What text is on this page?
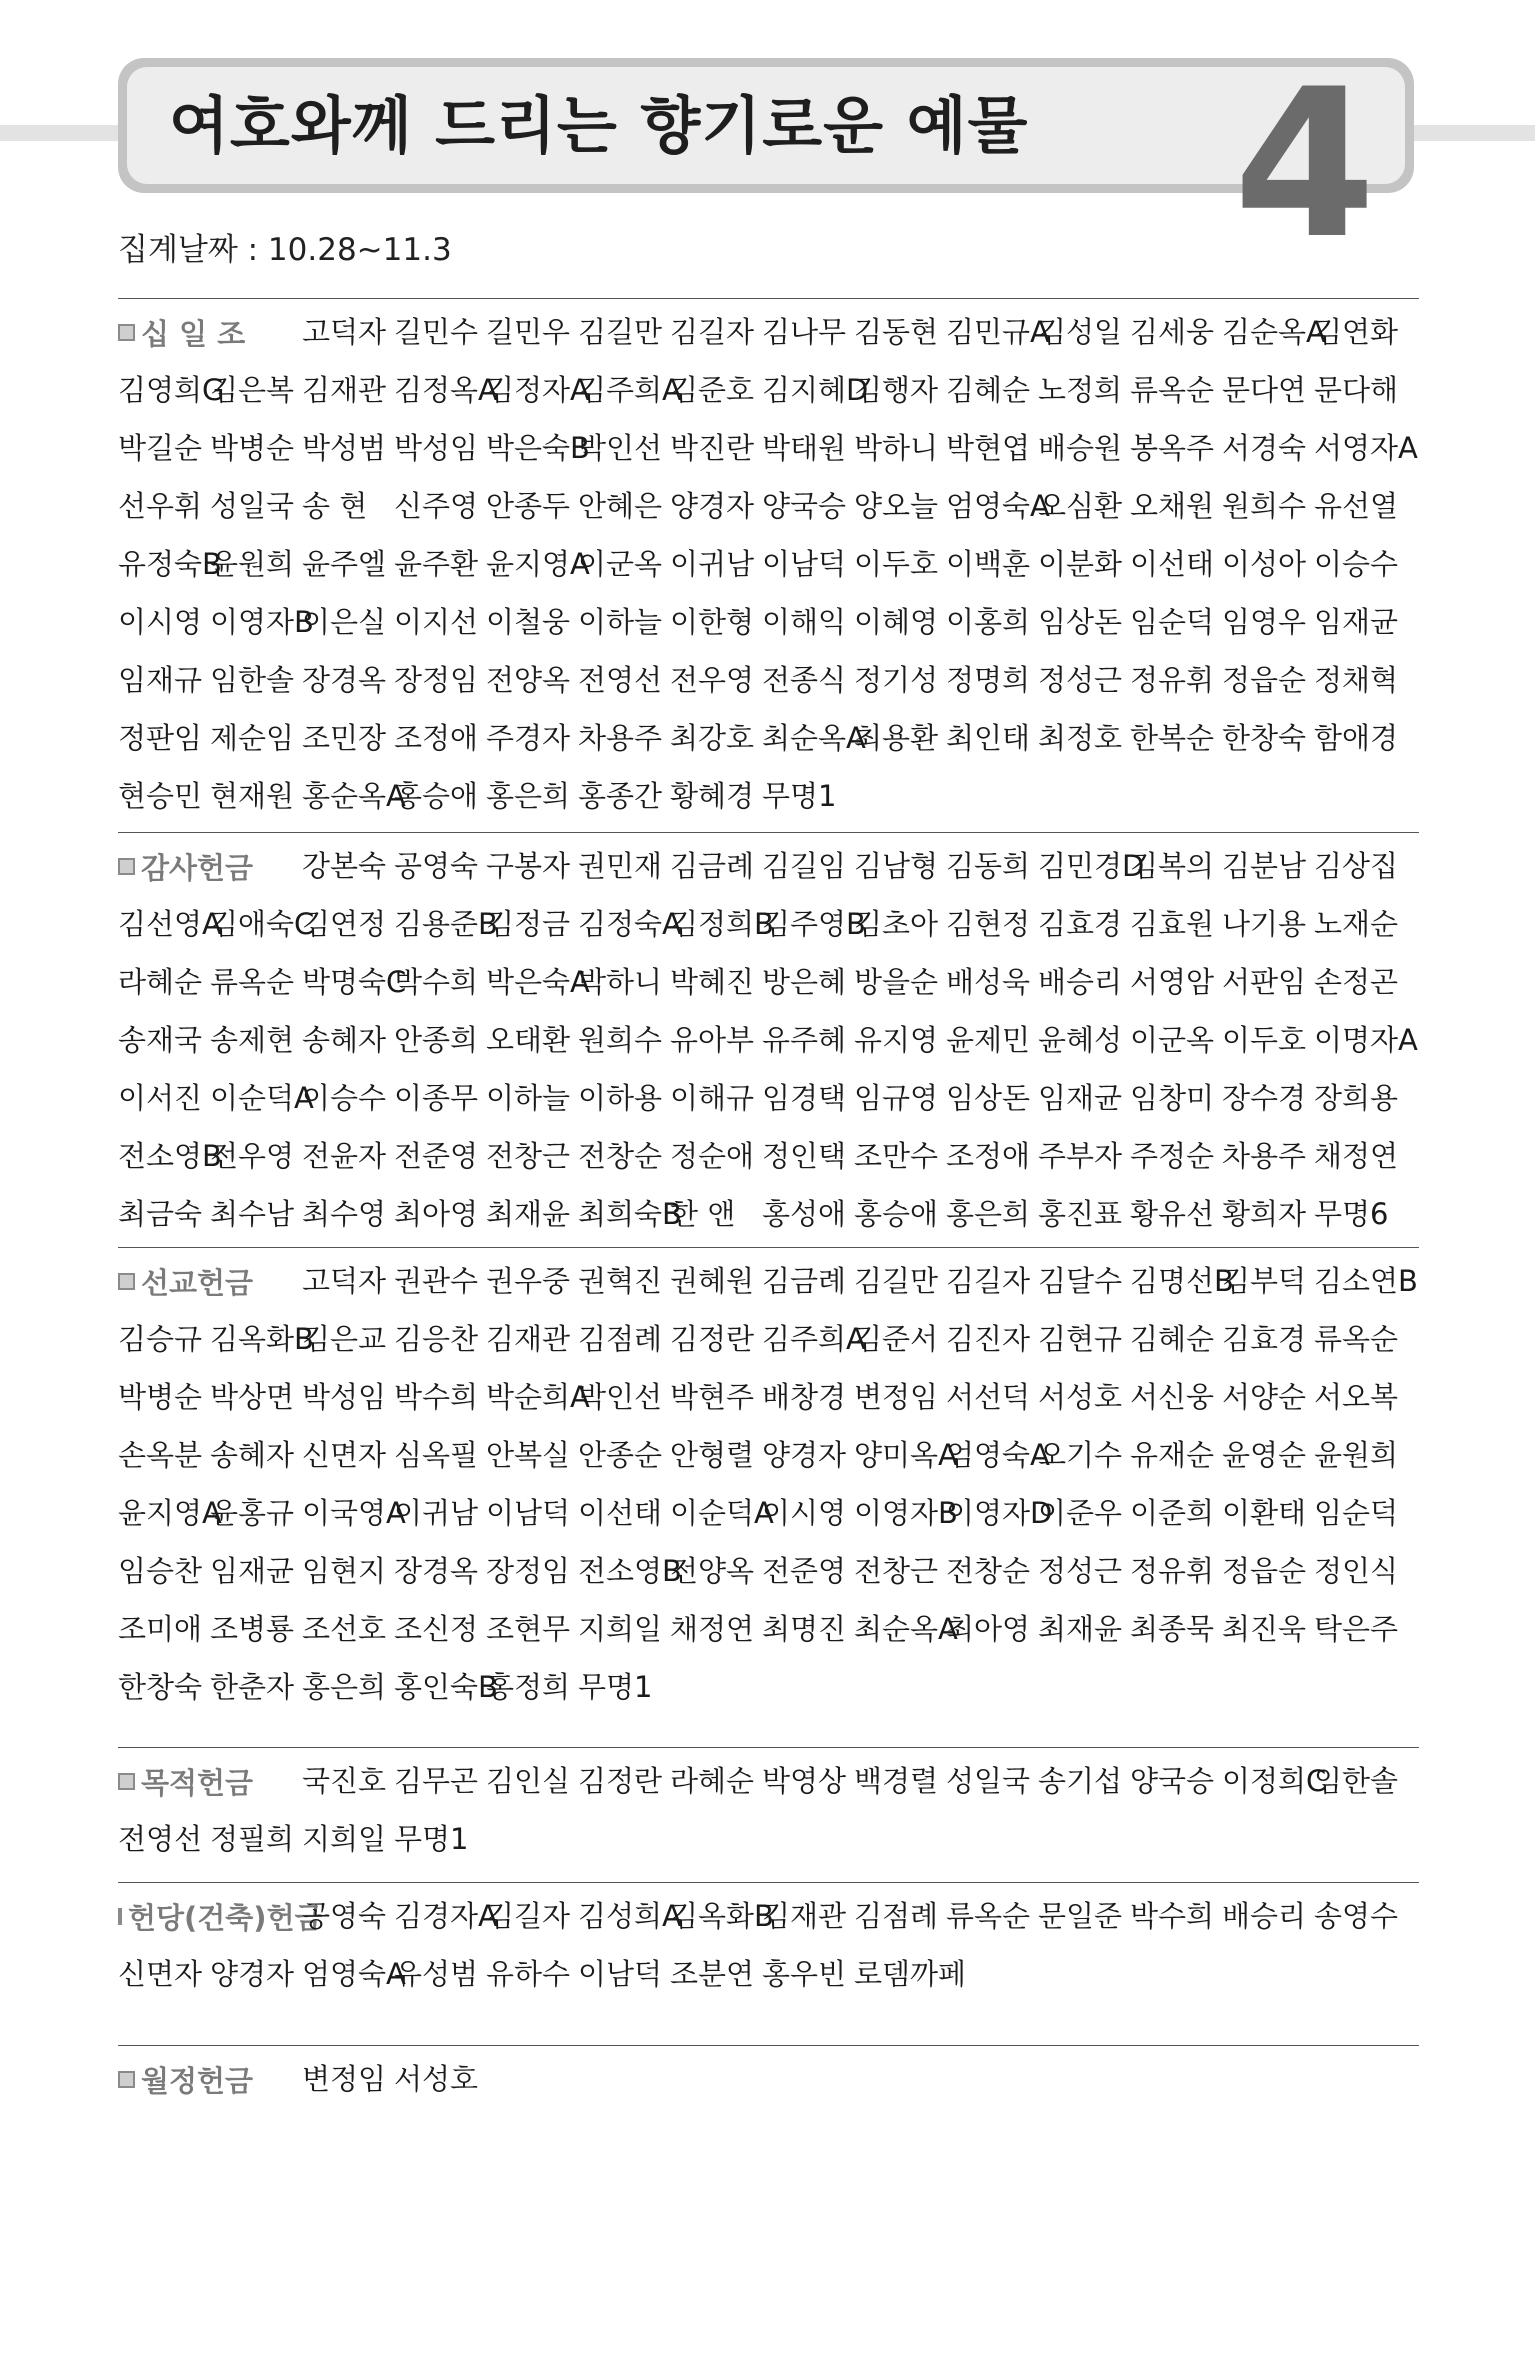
여호와께 드리는 향기로운 예물 4
집계날짜 : 10.28~11.3
십 일 조 고덕자 길민수 길민우 김길만 김길자 김나무 김동현 김민규A
김성일 김세웅 김순옥A
김연화
김영희G
김은복 김재관 김정옥A
김정자A
김주희A
김준호 김지혜D
김행자 김혜순 노정희 류옥순 문다연 문다해
박길순 박병순 박성범 박성임 박은숙B
박인선 박진란 박태원 박하니 박현엽 배승원 봉옥주 서경숙 서영자A
선우휘 성일국 송 현 신주영 안종두 안혜은 양경자 양국승 양오늘 엄영숙A
오심환 오채원 원희수 유선열
유정숙B
윤원희 윤주엘 윤주환 윤지영A
이군옥 이귀남 이남덕 이두호 이백훈 이분화 이선태 이성아 이승수
이시영 이영자B
이은실 이지선 이철웅 이하늘 이한형 이해익 이혜영 이홍희 임상돈 임순덕 임영우 임재균
임재규 임한솔 장경옥 장정임 전양옥 전영선 전우영 전종식 정기성 정명희 정성근 정유휘 정읍순 정채혁
정판임 제순임 조민장 조정애 주경자 차용주 최강호 최순옥A
최용환 최인태 최정호 한복순 한창숙 함애경
현승민 현재원 홍순옥A
홍승애 홍은희 홍종간 황혜경 무명1
감사헌금 강본숙 공영숙 구봉자 권민재 김금례 김길임 김남형 김동희 김민경D
김복의 김분남 김상집
김선영A
김애숙C
김연정 김용준B
김정금 김정숙A
김정희B
김주영B
김초아 김현정 김효경 김효원 나기용 노재순
라혜순 류옥순 박명숙C
박수희 박은숙A
박하니 박혜진 방은혜 방을순 배성욱 배승리 서영암 서판임 손정곤
송재국 송제현 송혜자 안종희 오태환 원희수 유아부 유주혜 유지영 윤제민 윤혜성 이군옥 이두호 이명자A
이서진 이순덕A
이승수 이종무 이하늘 이하용 이해규 임경택 임규영 임상돈 임재균 임창미 장수경 장희용
전소영B
전우영 전윤자 전준영 전창근 전창순 정순애 정인택 조만수 조정애 주부자 주정순 차용주 채정연
최금숙 최수남 최수영 최아영 최재윤 최희숙B
한 앤 홍성애 홍승애 홍은희 홍진표 황유선 황희자 무명6
선교헌금 고덕자 권관수 권우중 권혁진 권혜원 김금례 김길만 김길자 김달수 김명선B
김부덕 김소연B
김승규 김옥화B
김은교 김응찬 김재관 김점례 김정란 김주희A
김준서 김진자 김현규 김혜순 김효경 류옥순
박병순 박상면 박성임 박수희 박순희A
박인선 박현주 배창경 변정임 서선덕 서성호 서신웅 서양순 서오복
손옥분 송혜자 신면자 심옥필 안복실 안종순 안형렬 양경자 양미옥A
엄영숙A
오기수 유재순 윤영순 윤원희
윤지영A
윤홍규 이국영A
이귀남 이남덕 이선태 이순덕A
이시영 이영자B
이영자D
이준우 이준희 이환태 임순덕
임승찬 임재균 임현지 장경옥 장정임 전소영B
전양옥 전준영 전창근 전창순 정성근 정유휘 정읍순 정인식
조미애 조병룡 조선호 조신정 조현무 지희일 채정연 최명진 최순옥A
최아영 최재윤 최종묵 최진욱 탁은주
한창숙 한춘자 홍은희 홍인숙B
홍정희 무명1
목적헌금 국진호 김무곤 김인실 김정란 라혜순 박영상 백경렬 성일국 송기섭 양국승 이정희C
임한솔
전영선 정필희 지희일 무명1
헌당(건축)헌금
공영숙 김경자A
김길자 김성희A
김옥화B
김재관 김점례 류옥순 문일준 박수희 배승리 송영수
신면자 양경자 엄영숙A
유성범 유하수 이남덕 조분연 홍우빈 로뎀까페
월정헌금 변정임 서성호
